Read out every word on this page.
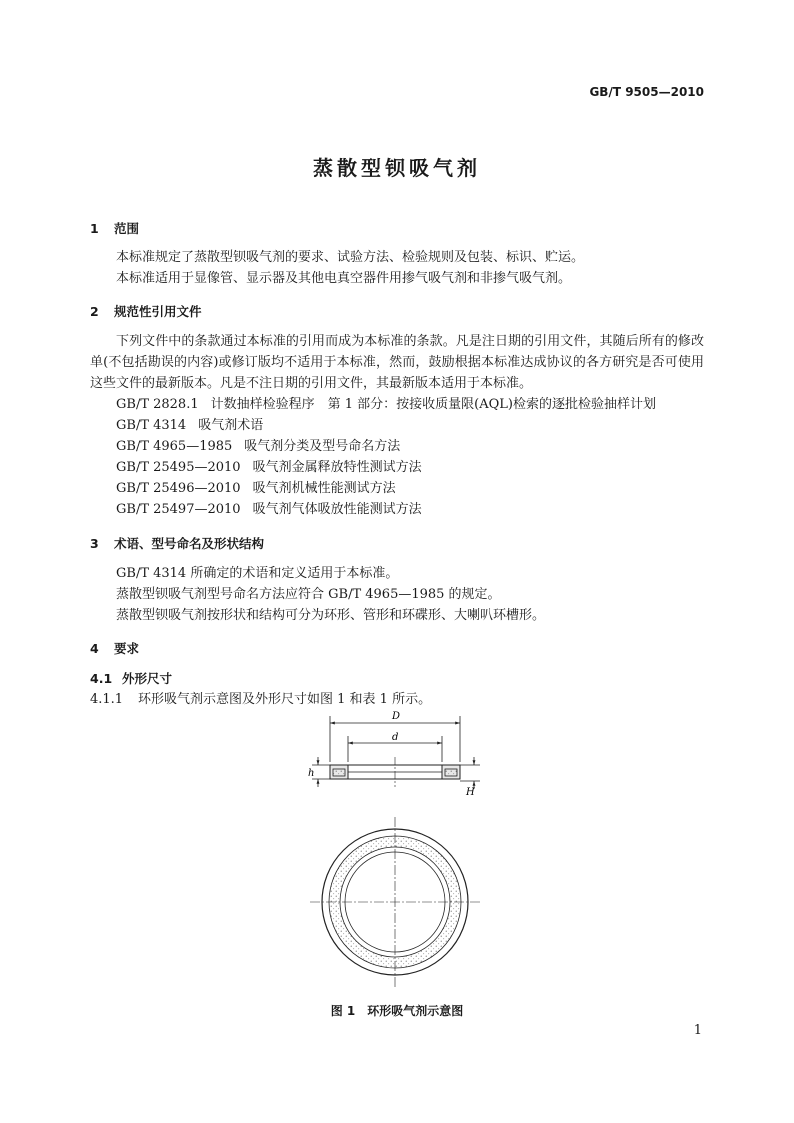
GB/T 9505—2010
蒸散型钡吸气剂
1 范围
本标准规定了蒸散型钡吸气剂的要求、试验方法、检验规则及包装、标识、贮运。
本标准适用于显像管、显示器及其他电真空器件用掺气吸气剂和非掺气吸气剂。
2 规范性引用文件
下列文件中的条款通过本标准的引用而成为本标准的条款。凡是注日期的引用文件，其随后所有的修改单(不包括勘误的内容)或修订版均不适用于本标准，然而，鼓励根据本标准达成协议的各方研究是否可使用这些文件的最新版本。凡是不注日期的引用文件，其最新版本适用于本标准。
GB/T 2828.1 计数抽样检验程序　第 1 部分：按接收质量限(AQL)检索的逐批检验抽样计划
GB/T 4314 吸气剂术语
GB/T 4965—1985 吸气剂分类及型号命名方法
GB/T 25495—2010 吸气剂金属释放特性测试方法
GB/T 25496—2010 吸气剂机械性能测试方法
GB/T 25497—2010 吸气剂气体吸放性能测试方法
3 术语、型号命名及形状结构
GB/T 4314 所确定的术语和定义适用于本标准。
蒸散型钡吸气剂型号命名方法应符合 GB/T 4965—1985 的规定。
蒸散型钡吸气剂按形状和结构可分为环形、管形和环碟形、大喇叭环槽形。
4 要求
4.1 外形尺寸
4.1.1 环形吸气剂示意图及外形尺寸如图 1 和表 1 所示。
D
d
h
H
图 1　环形吸气剂示意图
1
